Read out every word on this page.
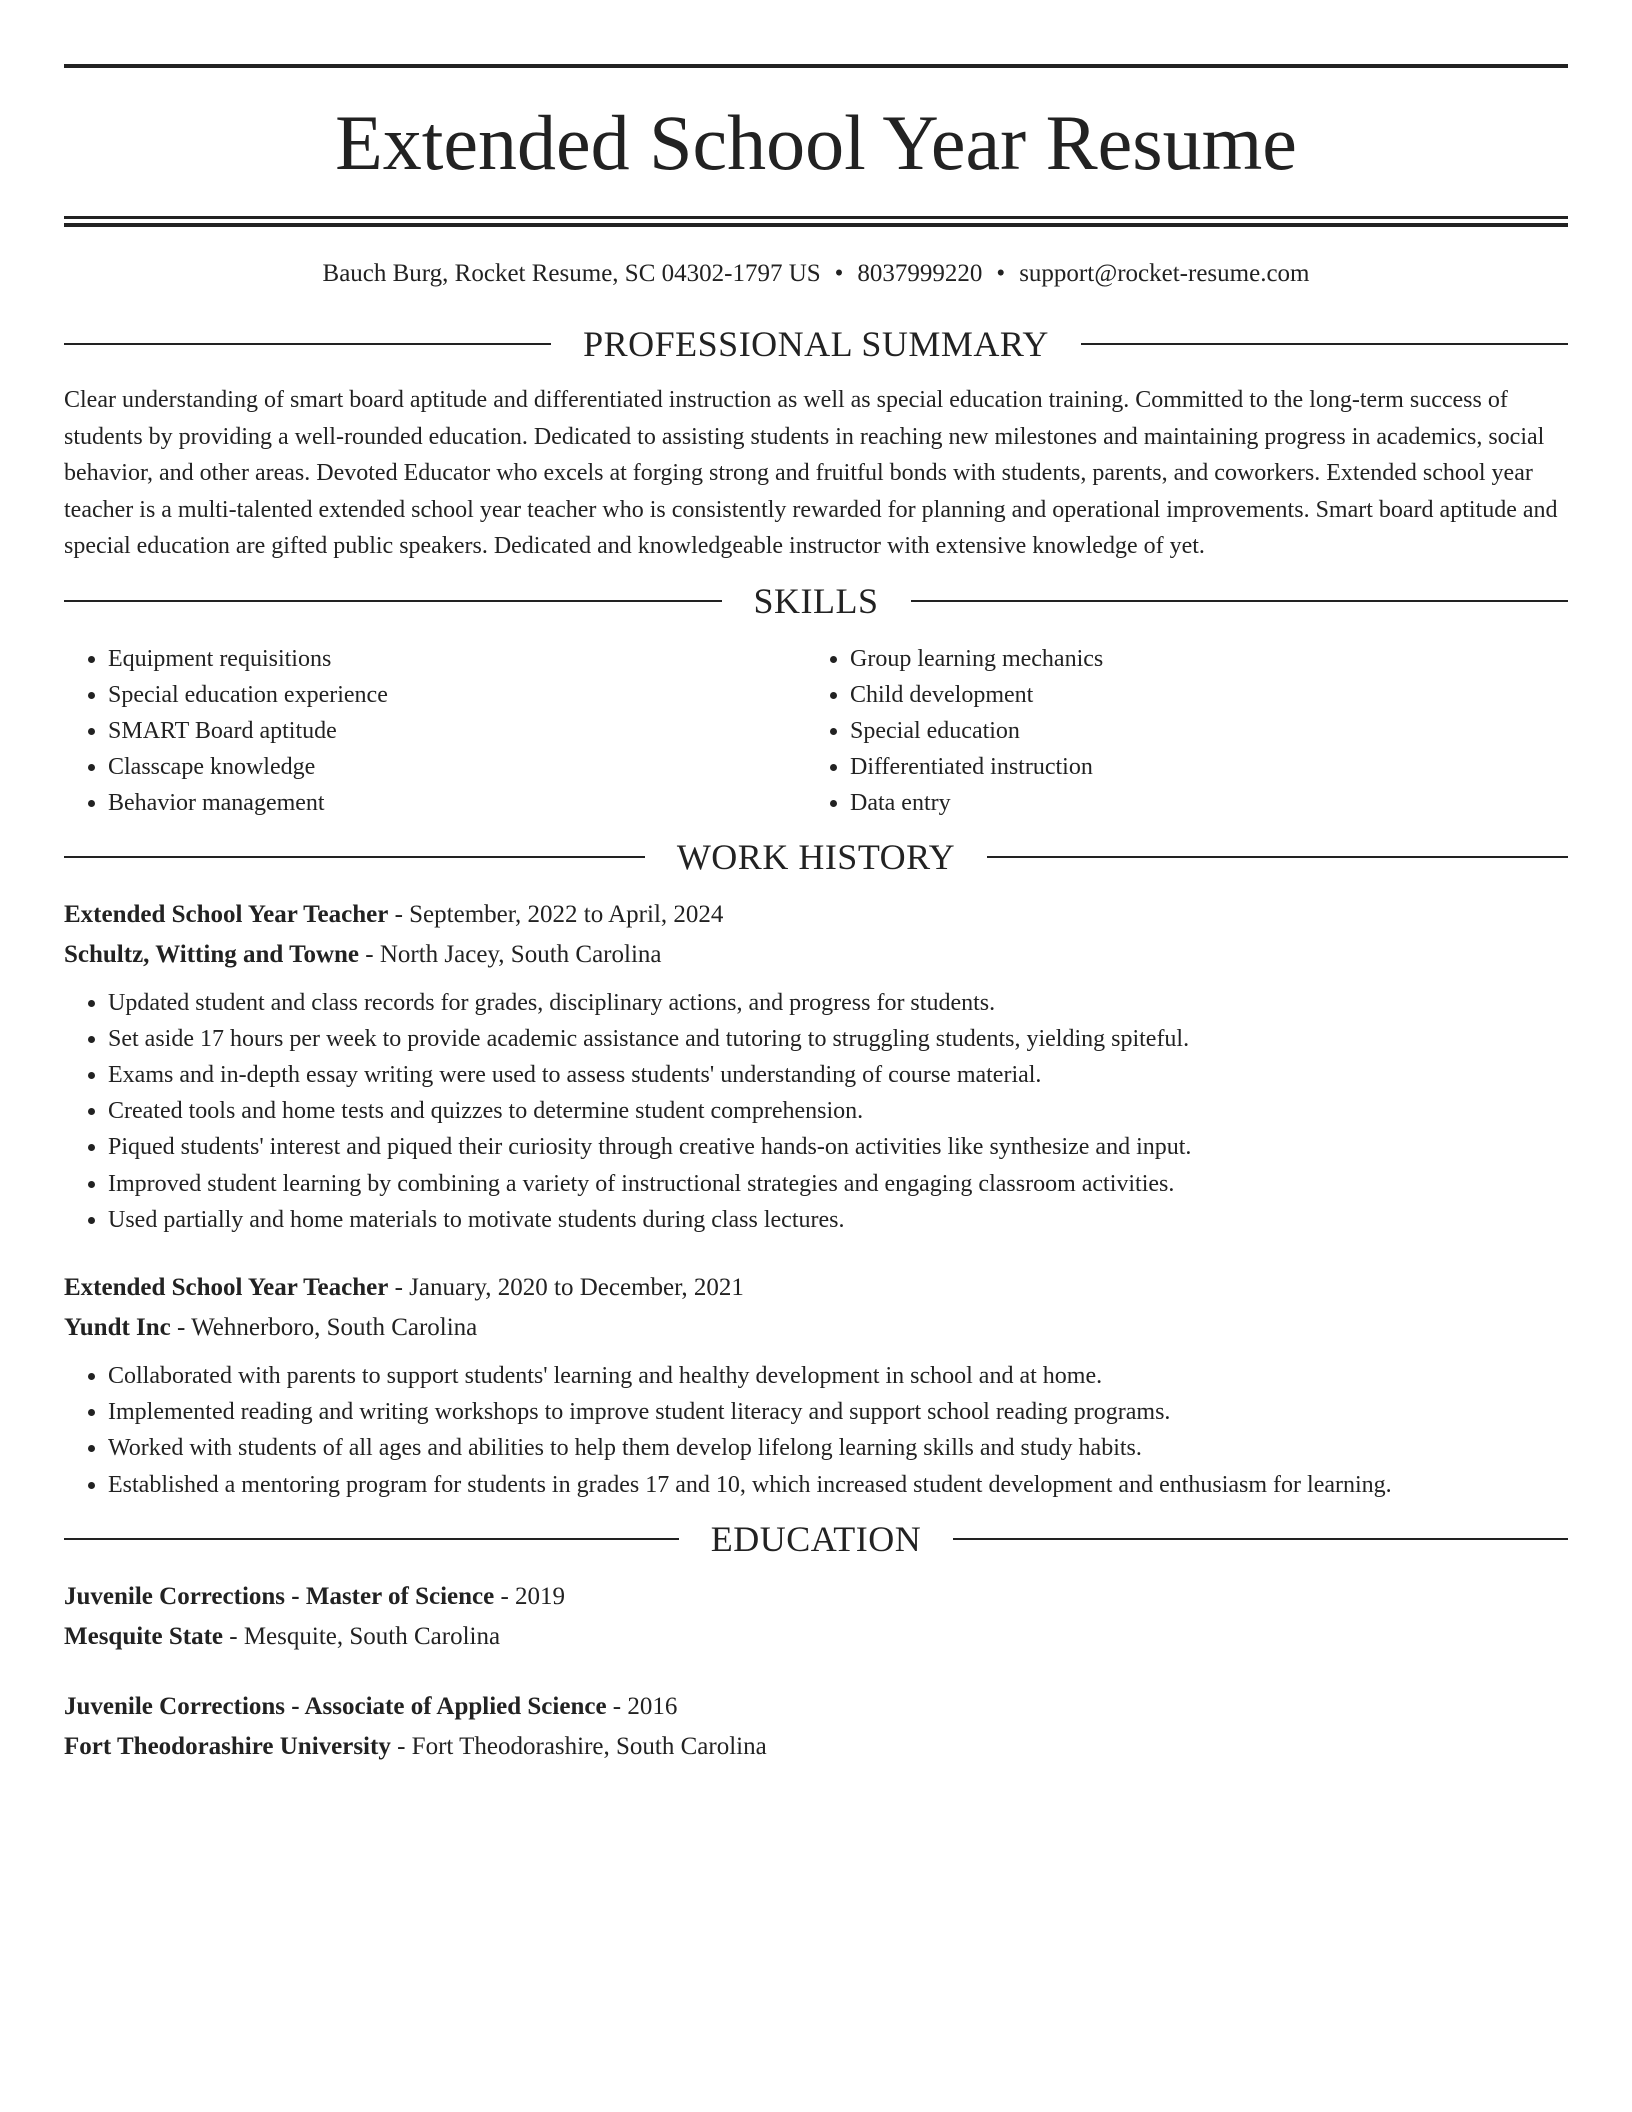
Extended School Year Resume
Bauch Burg, Rocket Resume, SC 04302-1797 US • 8037999220 • support@rocket-resume.com
PROFESSIONAL SUMMARY

Clear understanding of smart board aptitude and differentiated instruction as well as special education training. Committed to the long-term success of students by providing a well-rounded education. Dedicated to assisting students in reaching new milestones and maintaining progress in academics, social behavior, and other areas. Devoted Educator who excels at forging strong and fruitful bonds with students, parents, and coworkers. Extended school year teacher is a multi-talented extended school year teacher who is consistently rewarded for planning and operational improvements. Smart board aptitude and special education are gifted public speakers. Dedicated and knowledgeable instructor with extensive knowledge of yet.

SKILLS
• Equipment requisitions
• Special education experience
• SMART Board aptitude
• Classcape knowledge
• Behavior management
• Group learning mechanics
• Child development
• Special education
• Differentiated instruction
• Data entry
WORK HISTORY
Extended School Year Teacher - September, 2022 to April, 2024
Schultz, Witting and Towne - North Jacey, South Carolina
• Updated student and class records for grades, disciplinary actions, and progress for students.
• Set aside 17 hours per week to provide academic assistance and tutoring to struggling students, yielding spiteful.
• Exams and in-depth essay writing were used to assess students' understanding of course material.
• Created tools and home tests and quizzes to determine student comprehension.
• Piqued students' interest and piqued their curiosity through creative hands-on activities like synthesize and input.
• Improved student learning by combining a variety of instructional strategies and engaging classroom activities.
• Used partially and home materials to motivate students during class lectures.
Extended School Year Teacher - January, 2020 to December, 2021
Yundt Inc - Wehnerboro, South Carolina
• Collaborated with parents to support students' learning and healthy development in school and at home.
• Implemented reading and writing workshops to improve student literacy and support school reading programs.
• Worked with students of all ages and abilities to help them develop lifelong learning skills and study habits.
• Established a mentoring program for students in grades 17 and 10, which increased student development and enthusiasm for learning.
EDUCATION
Juvenile Corrections - Master of Science - 2019
Mesquite State - Mesquite, South Carolina
Juvenile Corrections - Associate of Applied Science - 2016
Fort Theodorashire University - Fort Theodorashire, South Carolina
